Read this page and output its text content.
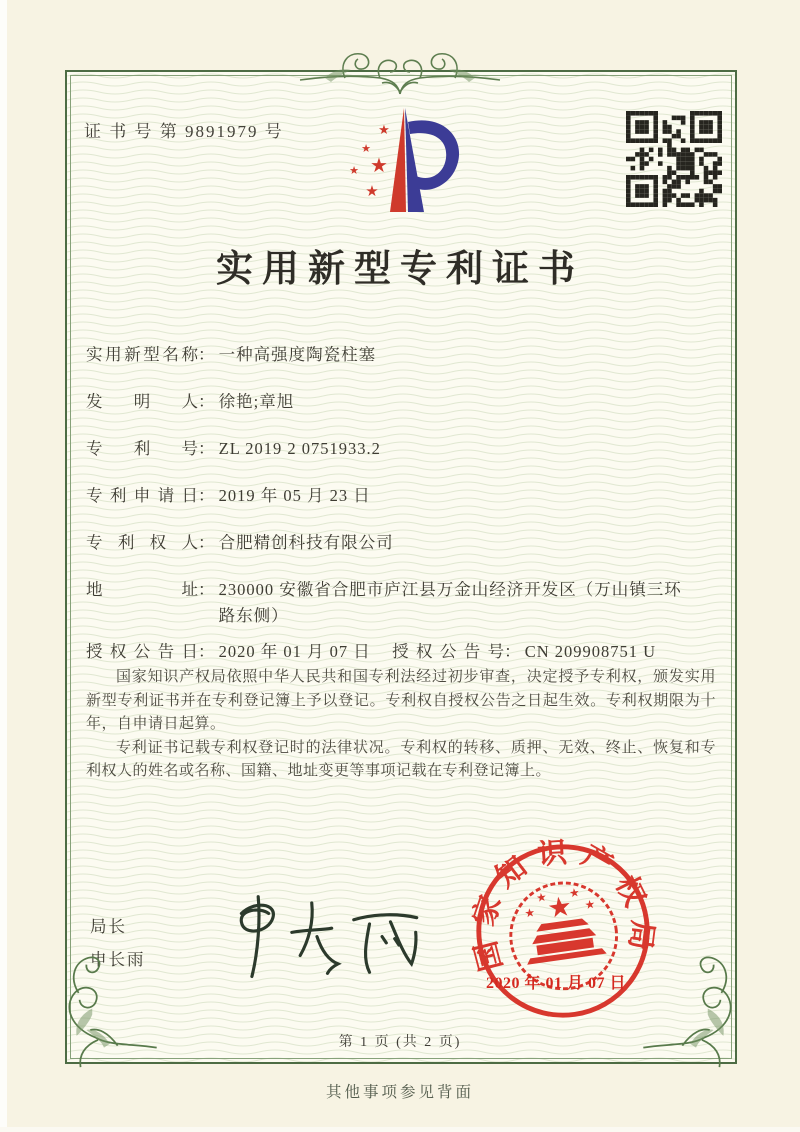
证 书 号 第 9891979 号	★
★
★
★
★
实用新型专利证书
实用新型名称： 一种高强度陶瓷柱塞
发明人： 徐艳;章旭
专利号： ZL 2019 2 0751933.2
专利申请日： 2019 年 05 月 23 日
专利权人： 合肥精创科技有限公司
地址： 230000 安徽省合肥市庐江县万金山经济开发区（万山镇三环路东侧）
授权公告日： 2020 年 01 月 07 日 授权公告号： CN 209908751 U

国家知识产权局依照中华人民共和国专利法经过初步审查，决定授予专利权，颁发实用新型专利证书并在专利登记簿上予以登记。专利权自授权公告之日起生效。专利权期限为十年，自申请日起算。

专利证书记载专利权登记时的法律状况。专利权的转移、质押、无效、终止、恢复和专利权人的姓名或名称、国籍、地址变更等事项记载在专利登记簿上。

局长
申长雨	国家知识产权局
★
★
★ ★
★
2020 年 01 月 07 日
第 1 页 (共 2 页)
其他事项参见背面
